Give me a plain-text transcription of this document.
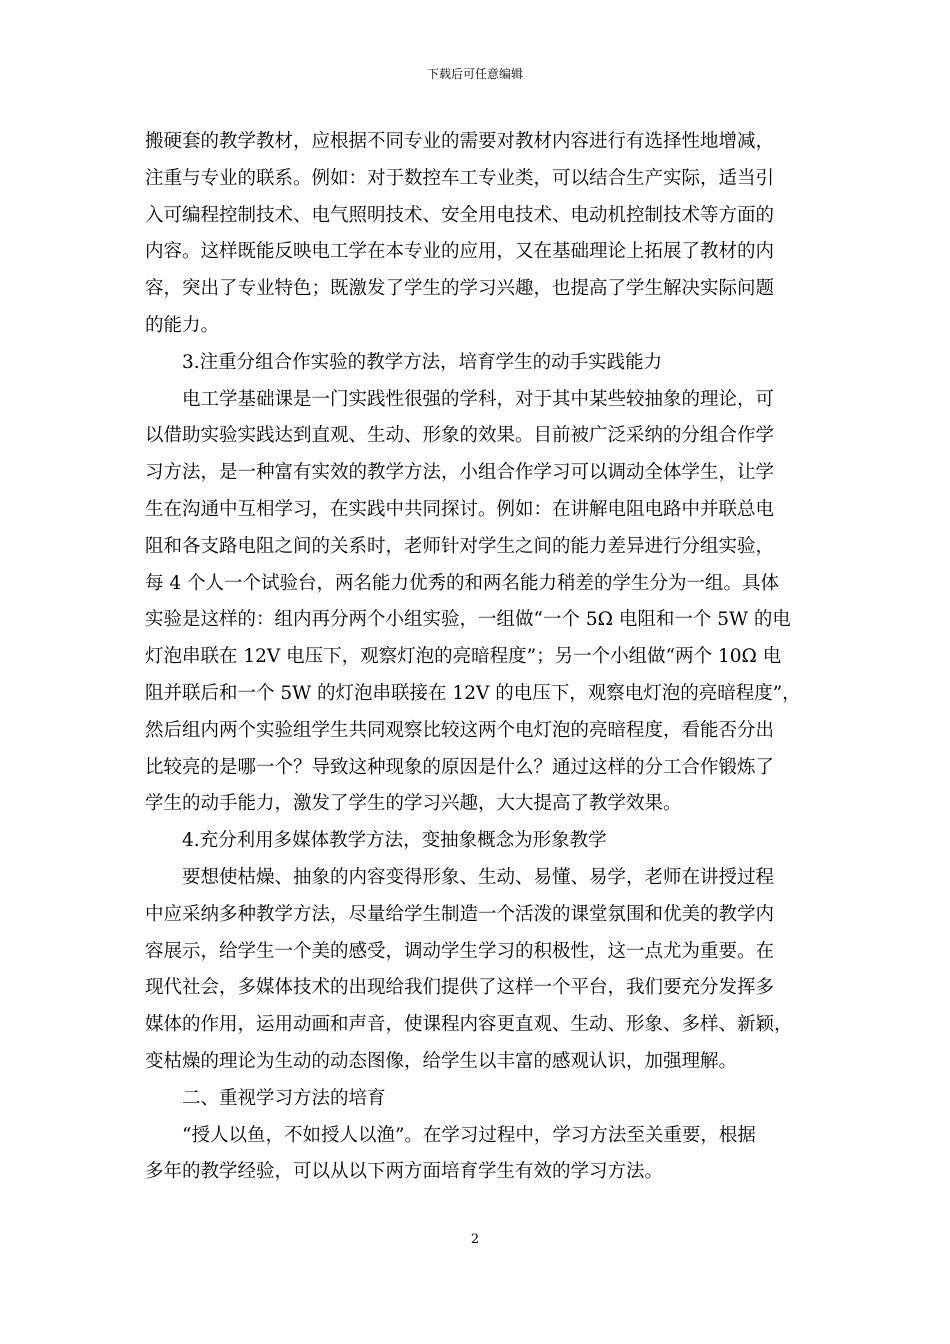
下载后可任意编辑
搬硬套的教学教材，应根据不同专业的需要对教材内容进行有选择性地增减，
注重与专业的联系。例如：对于数控车工专业类，可以结合生产实际，适当引
入可编程控制技术、电气照明技术、安全用电技术、电动机控制技术等方面的
内容。这样既能反映电工学在本专业的应用，又在基础理论上拓展了教材的内
容，突出了专业特色；既激发了学生的学习兴趣，也提高了学生解决实际问题
的能力。
3.注重分组合作实验的教学方法，培育学生的动手实践能力
电工学基础课是一门实践性很强的学科，对于其中某些较抽象的理论，可
以借助实验实践达到直观、生动、形象的效果。目前被广泛采纳的分组合作学
习方法，是一种富有实效的教学方法，小组合作学习可以调动全体学生，让学
生在沟通中互相学习，在实践中共同探讨。例如：在讲解电阻电路中并联总电
阻和各支路电阻之间的关系时，老师针对学生之间的能力差异进行分组实验，
每 4 个人一个试验台，两名能力优秀的和两名能力稍差的学生分为一组。具体
实验是这样的：组内再分两个小组实验，一组做“一个 5Ω 电阻和一个 5W 的电
灯泡串联在 12V 电压下，观察灯泡的亮暗程度”；另一个小组做“两个 10Ω 电
阻并联后和一个 5W 的灯泡串联接在 12V 的电压下，观察电灯泡的亮暗程度”，
然后组内两个实验组学生共同观察比较这两个电灯泡的亮暗程度，看能否分出
比较亮的是哪一个？导致这种现象的原因是什么？通过这样的分工合作锻炼了
学生的动手能力，激发了学生的学习兴趣，大大提高了教学效果。
4.充分利用多媒体教学方法，变抽象概念为形象教学
要想使枯燥、抽象的内容变得形象、生动、易懂、易学，老师在讲授过程
中应采纳多种教学方法，尽量给学生制造一个活泼的课堂氛围和优美的教学内
容展示，给学生一个美的感受，调动学生学习的积极性，这一点尤为重要。在
现代社会，多媒体技术的出现给我们提供了这样一个平台，我们要充分发挥多
媒体的作用，运用动画和声音，使课程内容更直观、生动、形象、多样、新颖，
变枯燥的理论为生动的动态图像，给学生以丰富的感观认识，加强理解。
二、重视学习方法的培育
“授人以鱼，不如授人以渔”。在学习过程中，学习方法至关重要，根据
多年的教学经验，可以从以下两方面培育学生有效的学习方法。
2
